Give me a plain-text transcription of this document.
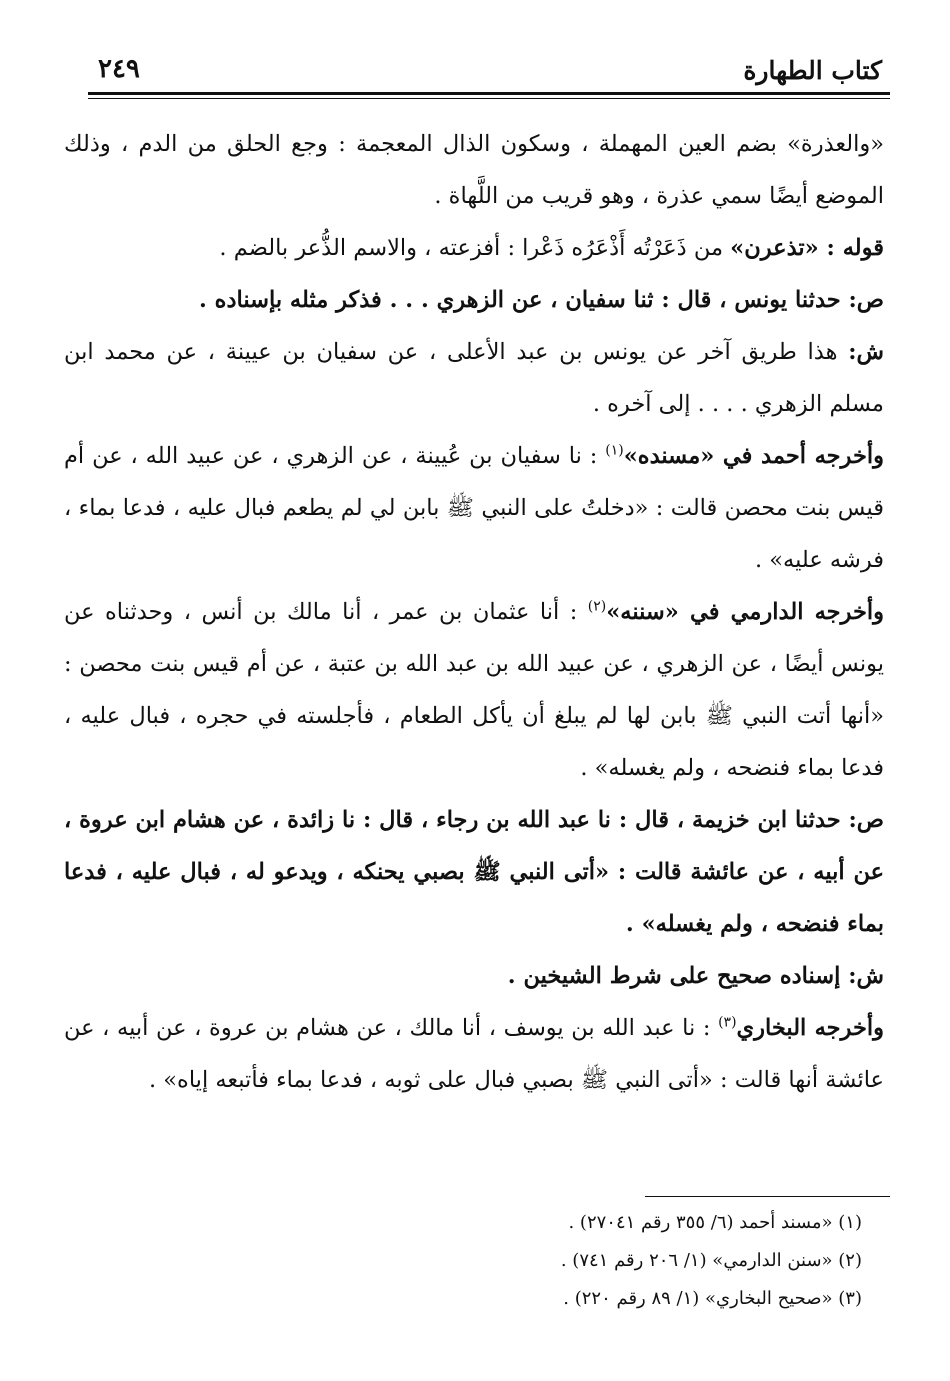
كتاب الطهارة
٢٤٩

«والعذرة» بضم العين المهملة ، وسكون الذال المعجمة : وجع الحلق من الدم ، وذلك الموضع أيضًا سمي عذرة ، وهو قريب من اللَّهاة .

قوله : «تذعرن» من ذَعَرْتُه أَذْعَرُه ذَعْرا : أفزعته ، والاسم الذُّعر بالضم .

ص: حدثنا يونس ، قال : ثنا سفيان ، عن الزهري . . . فذكر مثله بإسناده .

ش: هذا طريق آخر عن يونس بن عبد الأعلى ، عن سفيان بن عيينة ، عن محمد ابن مسلم الزهري . . . . إلى آخره .

وأخرجه أحمد في «مسنده»$^{(١)}$ : نا سفيان بن عُيينة ، عن الزهري ، عن عبيد الله ، عن أم قيس بنت محصن قالت : «دخلتُ على النبي ﷺ بابن لي لم يطعم فبال عليه ، فدعا بماء ، فرشه عليه» .

وأخرجه الدارمي في «سننه»$^{(٢)}$ : أنا عثمان بن عمر ، أنا مالك بن أنس ، وحدثناه عن يونس أيضًا ، عن الزهري ، عن عبيد الله بن عبد الله بن عتبة ، عن أم قيس بنت محصن : «أنها أتت النبي ﷺ بابن لها لم يبلغ أن يأكل الطعام ، فأجلسته في حجره ، فبال عليه ، فدعا بماء فنضحه ، ولم يغسله» .

ص: حدثنا ابن خزيمة ، قال : نا عبد الله بن رجاء ، قال : نا زائدة ، عن هشام ابن عروة ، عن أبيه ، عن عائشة قالت : «أتى النبي ﷺ بصبي يحنكه ، ويدعو له ، فبال عليه ، فدعا بماء فنضحه ، ولم يغسله» .

ش: إسناده صحيح على شرط الشيخين .

وأخرجه البخاري$^{(٣)}$ : نا عبد الله بن يوسف ، أنا مالك ، عن هشام بن عروة ، عن أبيه ، عن عائشة أنها قالت : «أتى النبي ﷺ بصبي فبال على ثوبه ، فدعا بماء فأتبعه إياه» .

(١) «مسند أحمد (٦/ ٣٥٥ رقم ٢٧٠٤١) .

(٢) «سنن الدارمي» (١/ ٢٠٦ رقم ٧٤١) .

(٣) «صحيح البخاري» (١/ ٨٩ رقم ٢٢٠) .
